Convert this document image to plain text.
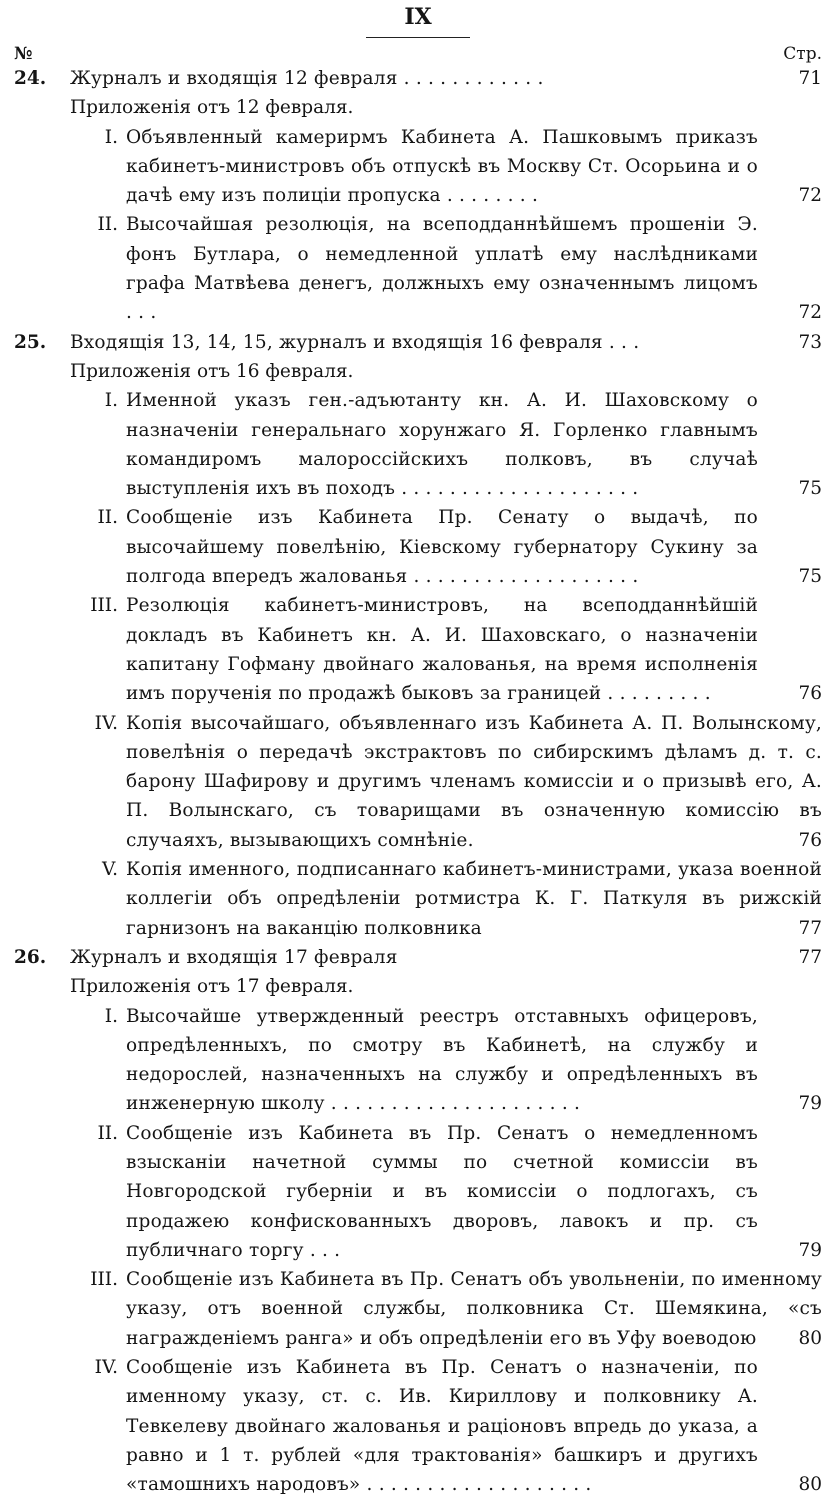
IX
№	Стр.
24. Журналъ и входящія 12 февраля . . . . . . . . . . . .	71
Приложенія отъ 12 февраля.
I. Объявленный камерирмъ Кабинета А. Пашковымъ приказъ кабинетъ-министровъ объ отпускѣ въ Москву Ст. Осорьина и о дачѣ ему изъ полиціи пропуска . . . . . . . .	72
II. Высочайшая резолюція, на всеподданнѣйшемъ прошеніи Э. фонъ Бутлара, о немедленной уплатѣ ему наслѣдниками графа Матвѣева денегъ, должныхъ ему означеннымъ лицомъ . . .	72
25. Входящія 13, 14, 15, журналъ и входящія 16 февраля . . .	73
Приложенія отъ 16 февраля.
I. Именной указъ ген.-адъютанту кн. А. И. Шаховскому о назначеніи генеральнаго хорунжаго Я. Горленко главнымъ командиромъ малороссійскихъ полковъ, въ случаѣ выступленія ихъ въ походъ . . . . . . . . . . . . . . . . . . . .	75
II. Сообщеніе изъ Кабинета Пр. Сенату о выдачѣ, по высочайшему повелѣнію, Кіевскому губернатору Сукину за полгода впередъ жалованья . . . . . . . . . . . . . . . . . . .	75
III. Резолюція кабинетъ-министровъ, на всеподданнѣйшій докладъ въ Кабинетъ кн. А. И. Шаховскаго, о назначеніи капитану Гофману двойнаго жалованья, на время исполненія имъ порученія по продажѣ быковъ за границей . . . . . . . . .	76
IV. Копія высочайшаго, объявленнаго изъ Кабинета А. П. Волынскому, повелѣнія о передачѣ экстрактовъ по сибирскимъ дѣламъ д. т. с. барону Шафирову и другимъ членамъ комиссіи и о призывѣ его, А. П. Волынскаго, съ товарищами въ означенную комиссію въ случаяхъ, вызывающихъ сомнѣніе.	76
V. Копія именного, подписаннаго кабинетъ-министрами, указа военной коллегіи объ опредѣленіи ротмистра К. Г. Паткуля въ рижскій гарнизонъ на ваканцію полковника	77
26. Журналъ и входящія 17 февраля	77
Приложенія отъ 17 февраля.
I. Высочайше утвержденный реестръ отставныхъ офицеровъ, опредѣленныхъ, по смотру въ Кабинетѣ, на службу и недорослей, назначенныхъ на службу и опредѣленныхъ въ инженерную школу . . . . . . . . . . . . . . . . . . . . .	79
II. Сообщеніе изъ Кабинета въ Пр. Сенатъ о немедленномъ взысканіи начетной суммы по счетной комиссіи въ Новгородской губерніи и въ комиссіи о подлогахъ, съ продажею конфискованныхъ дворовъ, лавокъ и пр. съ публичнаго торгу . . .	79
III. Сообщеніе изъ Кабинета въ Пр. Сенатъ объ увольненіи, по именному указу, отъ военной службы, полковника Ст. Шемякина, «съ награжденіемъ ранга» и объ опредѣленіи его въ Уфу воеводою	80
IV. Сообщеніе изъ Кабинета въ Пр. Сенатъ о назначеніи, по именному указу, ст. с. Ив. Кириллову и полковнику А. Тевкелеву двойнаго жалованья и раціоновъ впредь до указа, а равно и 1 т. рублей «для трактованія» башкиръ и другихъ «тамошнихъ народовъ» . . . . . . . . . . . . . . . . . . .	80
